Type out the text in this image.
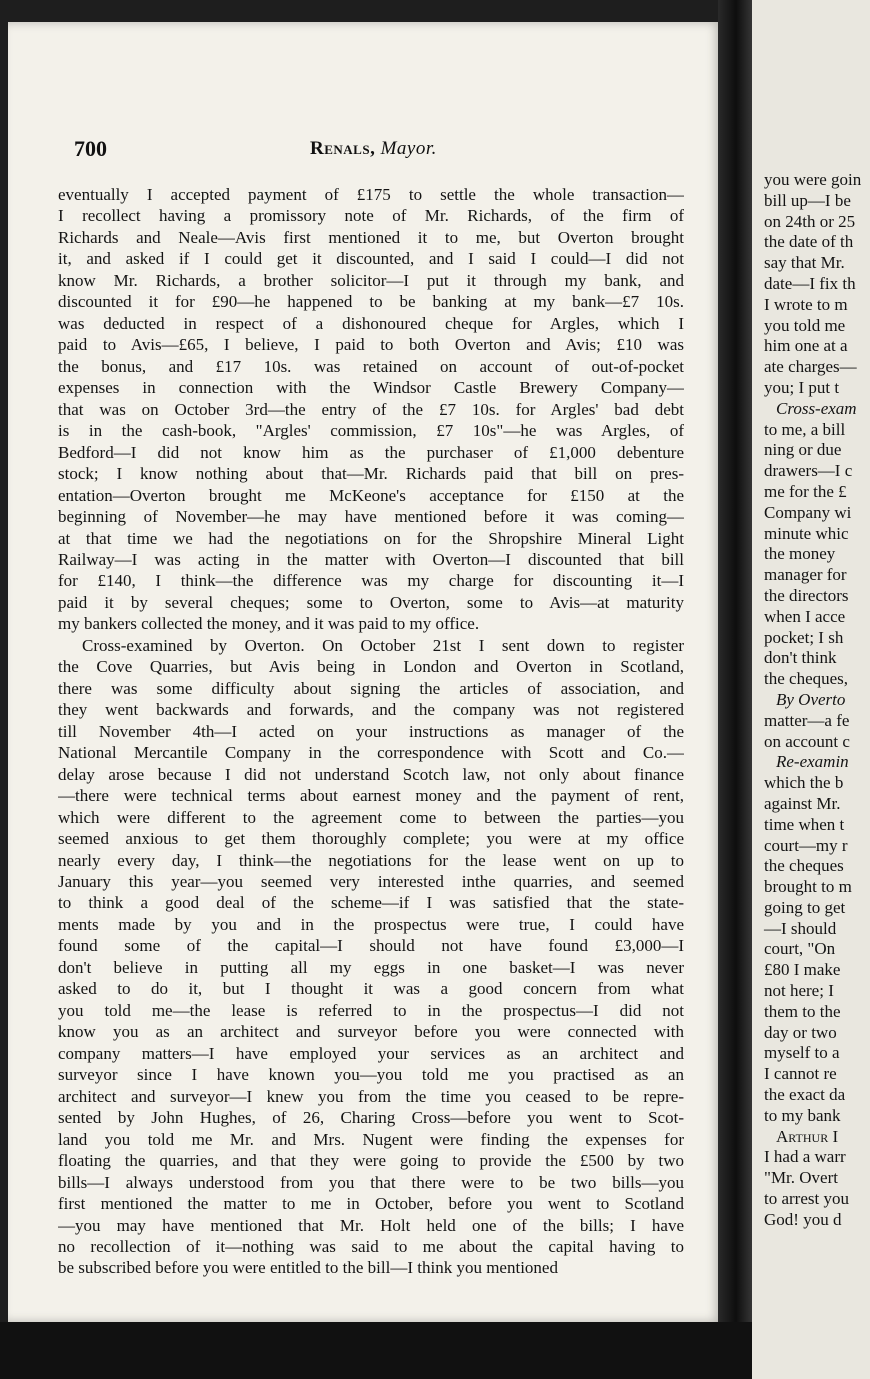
you were goin
bill up—I be
on 24th or 25
the date of th
say that Mr.
date—I fix th
I wrote to m
you told me
him one at a
ate charges—
you; I put t
Cross-exam
to me, a bill
ning or due
drawers—I c
me for the £
Company wi
minute whic
the money
manager for
the directors
when I acce
pocket; I sh
don't think
the cheques,
By Overto
matter—a fe
on account c
Re-examin
which the b
against Mr.
time when t
court—my r
the cheques
brought to m
going to get
—I should
court, "On
£80 I make
not here; I
them to the
day or two
myself to a
I cannot re
the exact da
to my bank
Arthur I
I had a warr
"Mr. Overt
to arrest you
God! you d
700	Renals, Mayor.
eventually I accepted payment of £175 to settle the whole transaction—
I recollect having a promissory note of Mr. Richards, of the firm of
Richards and Neale—Avis first mentioned it to me, but Overton brought
it, and asked if I could get it discounted, and I said I could—I did not
know Mr. Richards, a brother solicitor—I put it through my bank, and
discounted it for £90—he happened to be banking at my bank—£7 10s.
was deducted in respect of a dishonoured cheque for Argles, which I
paid to Avis—£65, I believe, I paid to both Overton and Avis; £10 was
the bonus, and £17 10s. was retained on account of out-of-pocket
expenses in connection with the Windsor Castle Brewery Company—
that was on October 3rd—the entry of the £7 10s. for Argles' bad debt
is in the cash-book, "Argles' commission, £7 10s"—he was Argles, of
Bedford—I did not know him as the purchaser of £1,000 debenture
stock; I know nothing about that—Mr. Richards paid that bill on pres-
entation—Overton brought me McKeone's acceptance for £150 at the
beginning of November—he may have mentioned before it was coming—
at that time we had the negotiations on for the Shropshire Mineral Light
Railway—I was acting in the matter with Overton—I discounted that bill
for £140, I think—the difference was my charge for discounting it—I
paid it by several cheques; some to Overton, some to Avis—at maturity
my bankers collected the money, and it was paid to my office.
Cross-examined by Overton. On October 21st I sent down to register
the Cove Quarries, but Avis being in London and Overton in Scotland,
there was some difficulty about signing the articles of association, and
they went backwards and forwards, and the company was not registered
till November 4th—I acted on your instructions as manager of the
National Mercantile Company in the correspondence with Scott and Co.—
delay arose because I did not understand Scotch law, not only about finance
—there were technical terms about earnest money and the payment of rent,
which were different to the agreement come to between the parties—you
seemed anxious to get them thoroughly complete; you were at my office
nearly every day, I think—the negotiations for the lease went on up to
January this year—you seemed very interested inthe quarries, and seemed
to think a good deal of the scheme—if I was satisfied that the state-
ments made by you and in the prospectus were true, I could have
found some of the capital—I should not have found £3,000—I
don't believe in putting all my eggs in one basket—I was never
asked to do it, but I thought it was a good concern from what
you told me—the lease is referred to in the prospectus—I did not
know you as an architect and surveyor before you were connected with
company matters—I have employed your services as an architect and
surveyor since I have known you—you told me you practised as an
architect and surveyor—I knew you from the time you ceased to be repre-
sented by John Hughes, of 26, Charing Cross—before you went to Scot-
land you told me Mr. and Mrs. Nugent were finding the expenses for
floating the quarries, and that they were going to provide the £500 by two
bills—I always understood from you that there were to be two bills—you
first mentioned the matter to me in October, before you went to Scotland
—you may have mentioned that Mr. Holt held one of the bills; I have
no recollection of it—nothing was said to me about the capital having to
be subscribed before you were entitled to the bill—I think you mentioned
